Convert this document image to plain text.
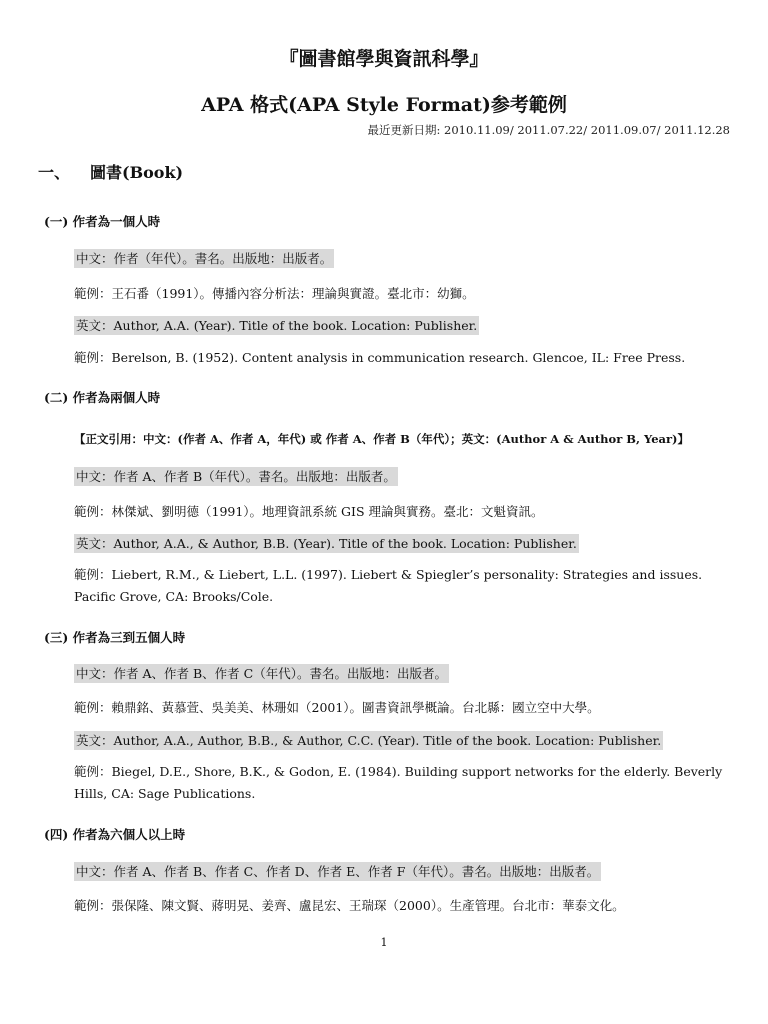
『圖書館學與資訊科學』
APA 格式(APA Style Format)参考範例
最近更新日期: 2010.11.09/ 2011.07.22/ 2011.09.07/ 2011.12.28
一、 圖書(Book)
(一) 作者為一個人時
中文：作者（年代）。書名。出版地：出版者。
範例：王石番（1991）。傳播內容分析法：理論與實證。臺北市：幼獅。
英文：Author, A.A. (Year). Title of the book. Location: Publisher.
範例：Berelson, B. (1952). Content analysis in communication research. Glencoe, IL: Free Press.
(二) 作者為兩個人時
【正文引用：中文：(作者 A、作者 A，年代) 或 作者 A、作者 B（年代）；英文：(Author A & Author B, Year)】
中文：作者 A、作者 B（年代）。書名。出版地：出版者。
範例：林傑斌、劉明德（1991）。地理資訊系統 GIS 理論與實務。臺北：文魁資訊。
英文：Author, A.A., & Author, B.B. (Year). Title of the book. Location: Publisher.
範例：Liebert, R.M., & Liebert, L.L. (1997). Liebert & Spiegler’s personality: Strategies and issues. Pacific Grove, CA: Brooks/Cole.
(三) 作者為三到五個人時
中文：作者 A、作者 B、作者 C（年代）。書名。出版地：出版者。
範例：賴鼎銘、黃慕萱、吳美美、林珊如（2001）。圖書資訊學概論。台北縣：國立空中大學。
英文：Author, A.A., Author, B.B., & Author, C.C. (Year). Title of the book. Location: Publisher.
範例：Biegel, D.E., Shore, B.K., & Godon, E. (1984). Building support networks for the elderly. Beverly Hills, CA: Sage Publications.
(四) 作者為六個人以上時
中文：作者 A、作者 B、作者 C、作者 D、作者 E、作者 F（年代）。書名。出版地：出版者。
範例：張保隆、陳文賢、蔣明晃、姜齊、盧昆宏、王瑞琛（2000）。生產管理。台北市：華泰文化。
1
